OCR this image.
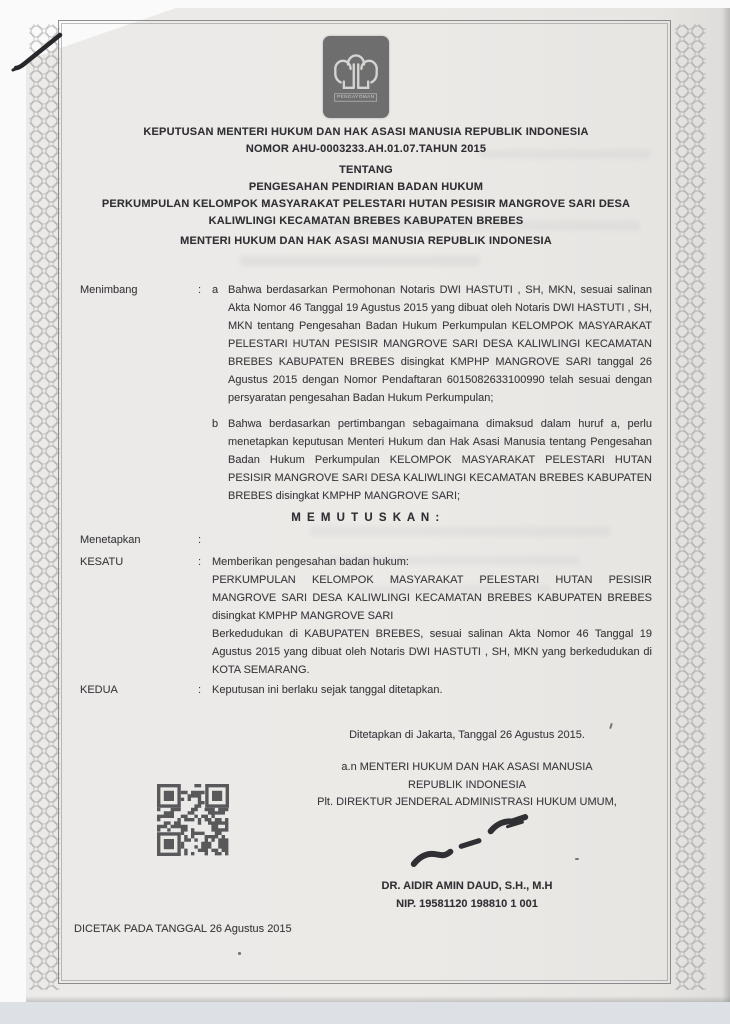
PENGAYOMAN
KEPUTUSAN MENTERI HUKUM DAN HAK ASASI MANUSIA REPUBLIK INDONESIA
NOMOR AHU-0003233.AH.01.07.TAHUN 2015
TENTANG
PENGESAHAN PENDIRIAN BADAN HUKUM
PERKUMPULAN KELOMPOK MASYARAKAT PELESTARI HUTAN PESISIR MANGROVE SARI DESA
KALIWLINGI KECAMATAN BREBES KABUPATEN BREBES
MENTERI HUKUM DAN HAK ASASI MANUSIA REPUBLIK INDONESIA
Menimbang	: a Bahwa berdasarkan Permohonan Notaris DWI HASTUTI , SH, MKN, sesuai salinan Akta Nomor 46 Tanggal 19 Agustus 2015 yang dibuat oleh Notaris DWI HASTUTI , SH, MKN tentang Pengesahan Badan Hukum Perkumpulan KELOMPOK MASYARAKAT PELESTARI HUTAN PESISIR MANGROVE SARI DESA KALIWLINGI KECAMATAN BREBES KABUPATEN BREBES disingkat KMPHP MANGROVE SARI tanggal 26 Agustus 2015 dengan Nomor Pendaftaran 6015082633100990 telah sesuai dengan persyaratan pengesahan Badan Hukum Perkumpulan;
b Bahwa berdasarkan pertimbangan sebagaimana dimaksud dalam huruf a, perlu menetapkan keputusan Menteri Hukum dan Hak Asasi Manusia tentang Pengesahan Badan Hukum Perkumpulan KELOMPOK MASYARAKAT PELESTARI HUTAN PESISIR MANGROVE SARI DESA KALIWLINGI KECAMATAN BREBES KABUPATEN BREBES disingkat KMPHP MANGROVE SARI;
M E M U T U S K A N :
Menetapkan	:
KESATU	: Memberikan pengesahan badan hukum:
PERKUMPULAN KELOMPOK MASYARAKAT PELESTARI HUTAN PESISIR MANGROVE SARI DESA KALIWLINGI KECAMATAN BREBES KABUPATEN BREBES disingkat KMPHP MANGROVE SARI
Berkedudukan di KABUPATEN BREBES, sesuai salinan Akta Nomor 46 Tanggal 19 Agustus 2015 yang dibuat oleh Notaris DWI HASTUTI , SH, MKN yang berkedudukan di KOTA SEMARANG.
KEDUA	: Keputusan ini berlaku sejak tanggal ditetapkan.
Ditetapkan di Jakarta, Tanggal 26 Agustus 2015.
a.n MENTERI HUKUM DAN HAK ASASI MANUSIA
REPUBLIK INDONESIA
Plt. DIREKTUR JENDERAL ADMINISTRASI HUKUM UMUM,
DR. AIDIR AMIN DAUD, S.H., M.H
NIP. 19581120 198810 1 001
DICETAK PADA TANGGAL 26 Agustus 2015
